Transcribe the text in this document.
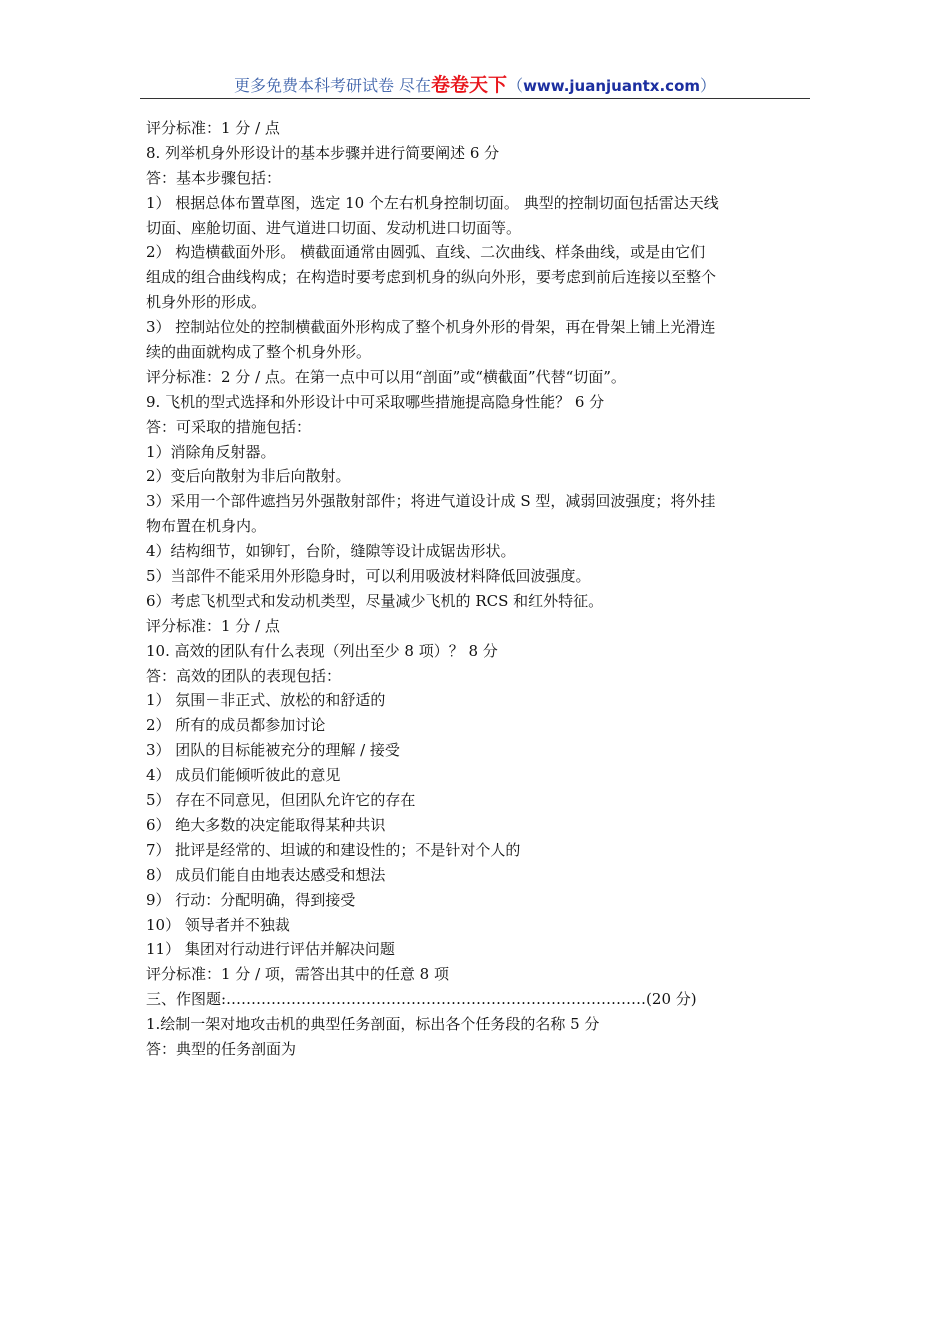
更多免费本科考研试卷 尽在卷卷天下（www.juanjuantx.com）
评分标准：1 分 / 点
8. 列举机身外形设计的基本步骤并进行简要阐述 6 分
答：基本步骤包括：
1） 根据总体布置草图，选定 10 个左右机身控制切面。 典型的控制切面包括雷达天线
切面、座舱切面、进气道进口切面、发动机进口切面等。
2） 构造横截面外形。 横截面通常由圆弧、直线、二次曲线、样条曲线，或是由它们
组成的组合曲线构成；在构造时要考虑到机身的纵向外形，要考虑到前后连接以至整个
机身外形的形成。
3） 控制站位处的控制横截面外形构成了整个机身外形的骨架，再在骨架上铺上光滑连
续的曲面就构成了整个机身外形。
评分标准：2 分 / 点。在第一点中可以用“剖面”或“横截面”代替“切面”。
9. 飞机的型式选择和外形设计中可采取哪些措施提高隐身性能？ 6 分
答：可采取的措施包括：
1）消除角反射器。
2）变后向散射为非后向散射。
3）采用一个部件遮挡另外强散射部件；将进气道设计成 S 型，减弱回波强度；将外挂
物布置在机身内。
4）结构细节，如铆钉，台阶，缝隙等设计成锯齿形状。
5）当部件不能采用外形隐身时，可以利用吸波材料降低回波强度。
6）考虑飞机型式和发动机类型，尽量减少飞机的 RCS 和红外特征。
评分标准：1 分 / 点
10. 高效的团队有什么表现（列出至少 8 项）？ 8 分
答：高效的团队的表现包括：
1） 氛围－非正式、放松的和舒适的
2） 所有的成员都参加讨论
3） 团队的目标能被充分的理解 / 接受
4） 成员们能倾听彼此的意见
5） 存在不同意见，但团队允许它的存在
6） 绝大多数的决定能取得某种共识
7） 批评是经常的、坦诚的和建设性的；不是针对个人的
8） 成员们能自由地表达感受和想法
9） 行动：分配明确，得到接受
10） 领导者并不独裁
11） 集团对行动进行评估并解决问题
评分标准：1 分 / 项，需答出其中的任意 8 项
三、作图题:…………………………………………………………………………(20 分)
1.绘制一架对地攻击机的典型任务剖面，标出各个任务段的名称 5 分
答：典型的任务剖面为
